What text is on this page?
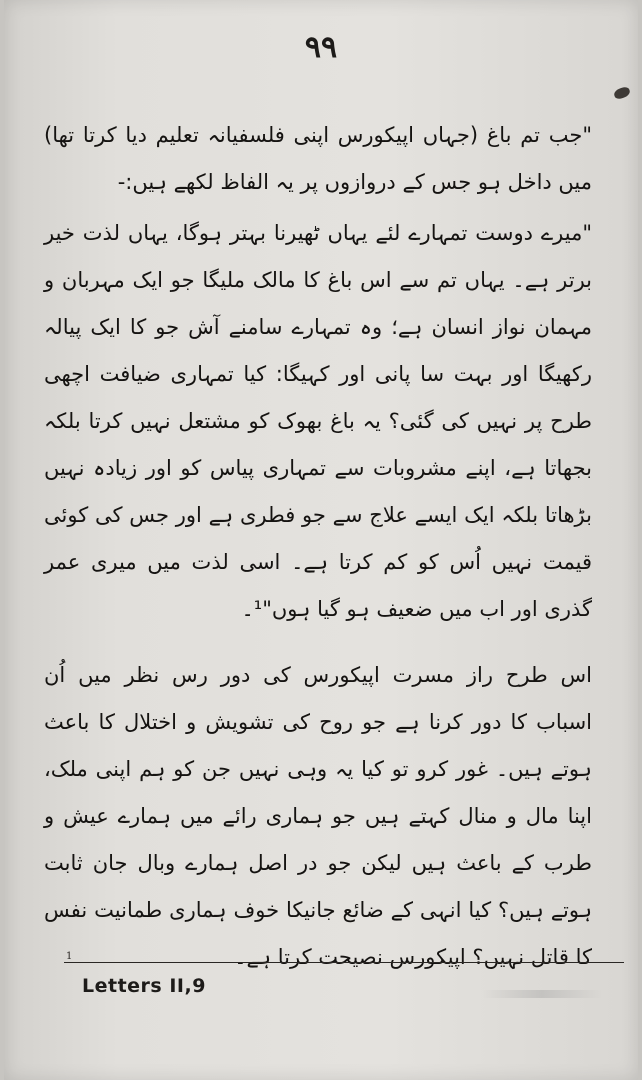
۹۹

"جب تم باغ (جہاں اپیکورس اپنی فلسفیانہ تعلیم دیا کرتا تھا) میں داخل ہو جس کے دروازوں پر یہ الفاظ لکھے ہیں:-

"میرے دوست تمہارے لئے یہاں ٹھیرنا بہتر ہوگا، یہاں لذت خیر برتر ہے۔ یہاں تم سے اس باغ کا مالک ملیگا جو ایک مہربان و مہمان نواز انسان ہے؛ وہ تمہارے سامنے آش جو کا ایک پیالہ رکھیگا اور بہت سا پانی اور کہیگا: کیا تمہاری ضیافت اچھی طرح پر نہیں کی گئی؟ یہ باغ بھوک کو مشتعل نہیں کرتا بلکہ بجھاتا ہے، اپنے مشروبات سے تمہاری پیاس کو اور زیادہ نہیں بڑھاتا بلکہ ایک ایسے علاج سے جو فطری ہے اور جس کی کوئی قیمت نہیں اُس کو کم کرتا ہے۔ اسی لذت میں میری عمر گذری اور اب میں ضعیف ہو گیا ہوں"¹۔

اس طرح راز مسرت اپیکورس کی دور رس نظر میں اُن اسباب کا دور کرنا ہے جو روح کی تشویش و اختلال کا باعث ہوتے ہیں۔ غور کرو تو کیا یہ وہی نہیں جن کو ہم اپنی ملک، اپنا مال و منال کہتے ہیں جو ہماری رائے میں ہمارے عیش و طرب کے باعث ہیں لیکن جو در اصل ہمارے وبال جان ثابت ہوتے ہیں؟ کیا انہی کے ضائع جانیکا خوف ہماری طمانیت نفس کا قاتل نہیں؟ اپیکورس نصیحت کرتا ہے۔

1
Letters II,9
